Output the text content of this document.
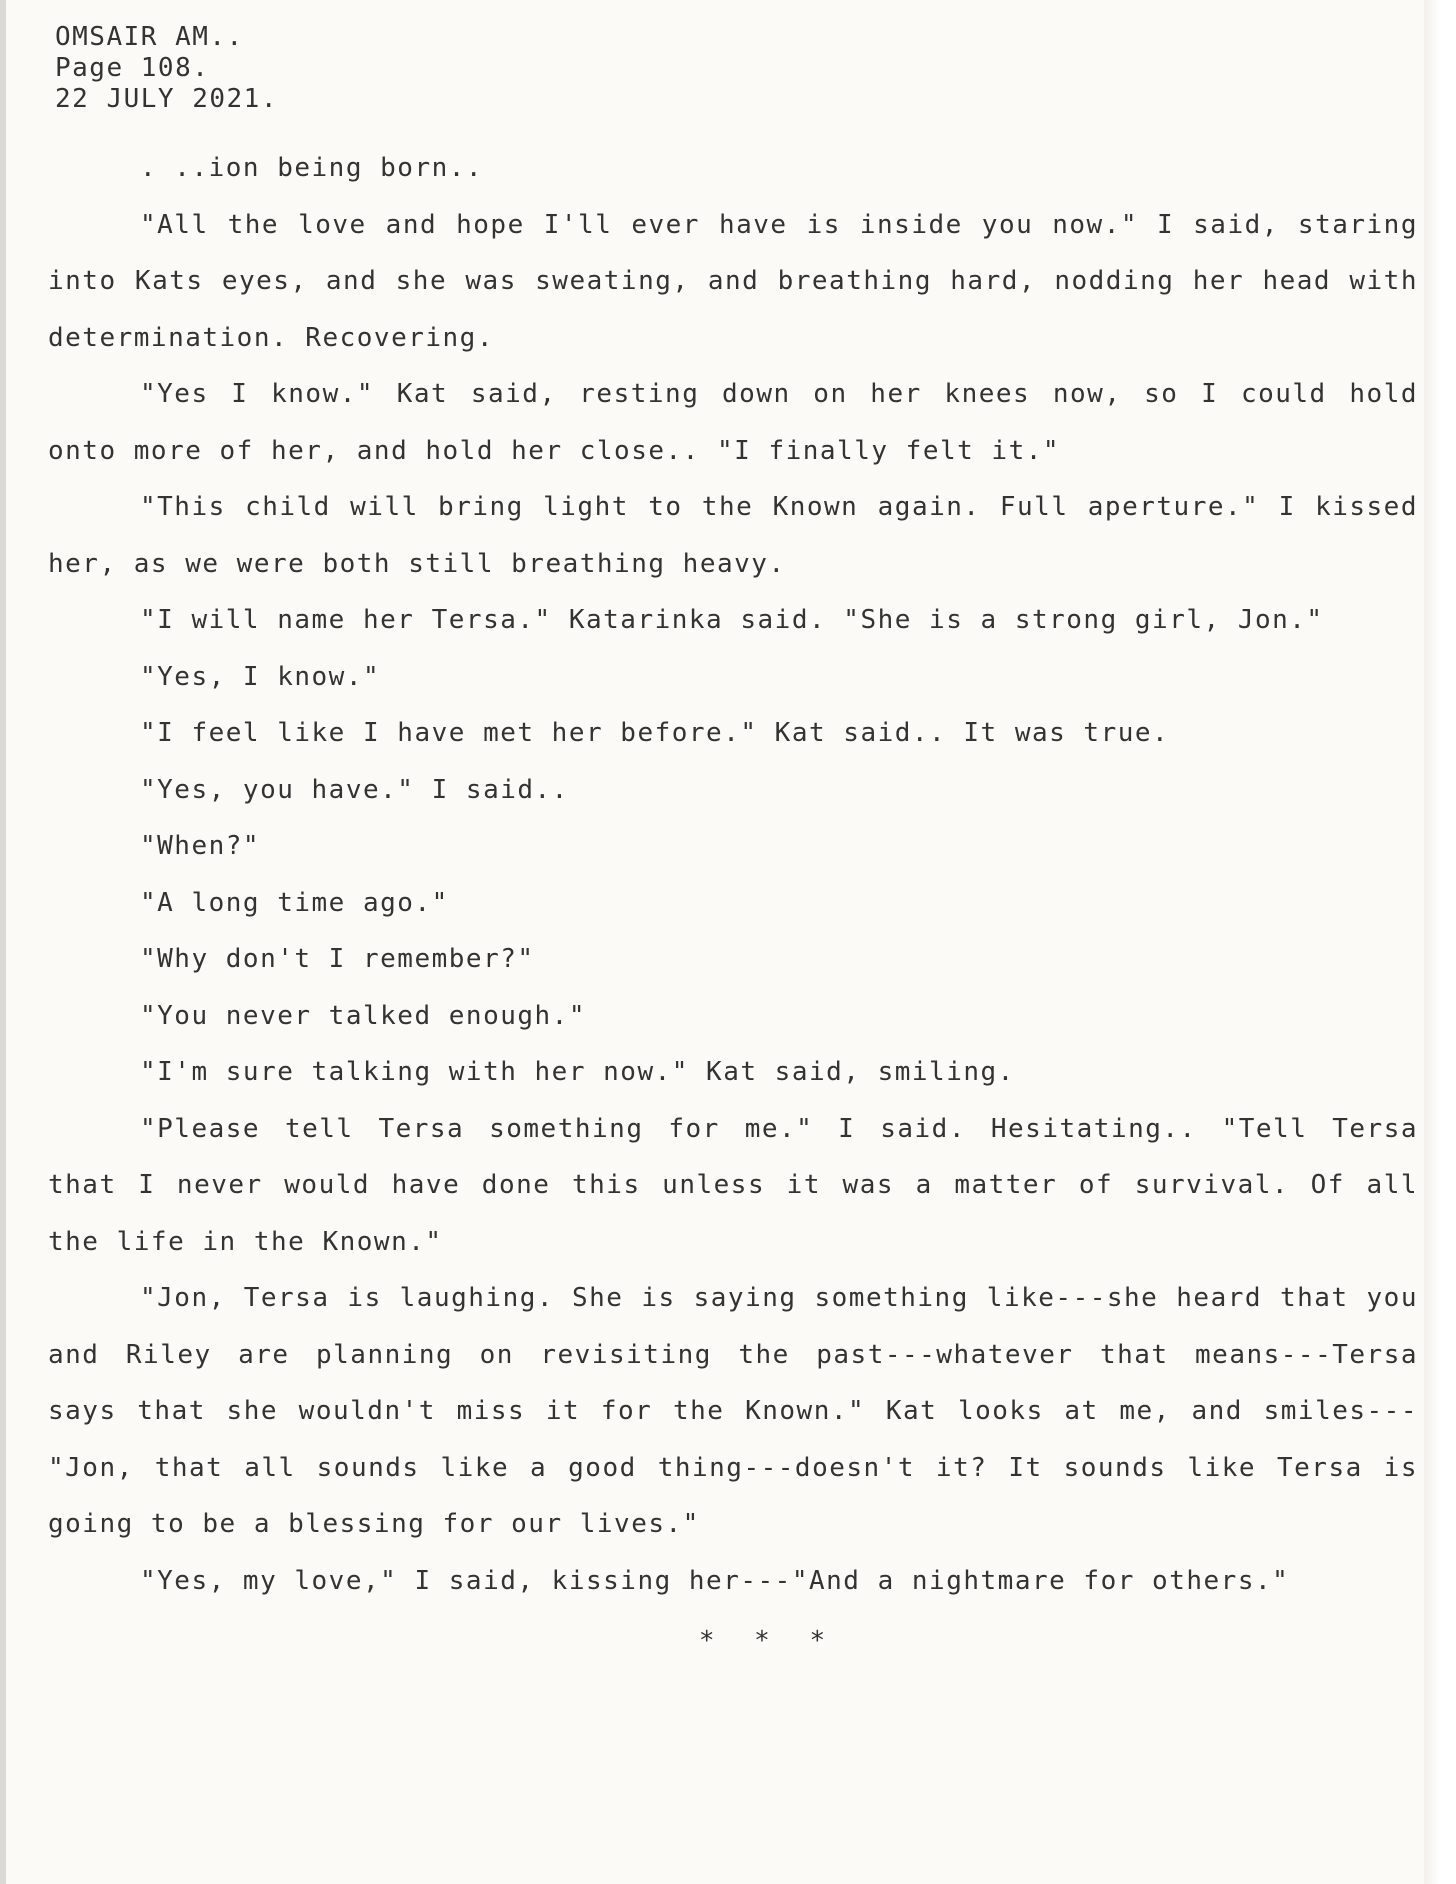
OMSAIR AM..
Page 108.
22 JULY 2021.

. ..ion being born..

"All the love and hope I'll ever have is inside you now." I said, staring into Kats eyes, and she was sweating, and breathing hard, nodding her head with determination. Recovering.

"Yes I know." Kat said, resting down on her knees now, so I could hold onto more of her, and hold her close.. "I finally felt it."

"This child will bring light to the Known again. Full aperture." I kissed her, as we were both still breathing heavy.

"I will name her Tersa." Katarinka said. "She is a strong girl, Jon."

"Yes, I know."

"I feel like I have met her before." Kat said.. It was true.

"Yes, you have." I said..

"When?"

"A long time ago."

"Why don't I remember?"

"You never talked enough."

"I'm sure talking with her now." Kat said, smiling.

"Please tell Tersa something for me." I said. Hesitating.. "Tell Tersa that I never would have done this unless it was a matter of survival. Of all the life in the Known."

"Jon, Tersa is laughing. She is saying something like---she heard that you and Riley are planning on revisiting the past---whatever that means---Tersa says that she wouldn't miss it for the Known." Kat looks at me, and smiles---"Jon, that all sounds like a good thing---doesn't it? It sounds like Tersa is going to be a blessing for our lives."

"Yes, my love," I said, kissing her---"And a nightmare for others."

* * *
